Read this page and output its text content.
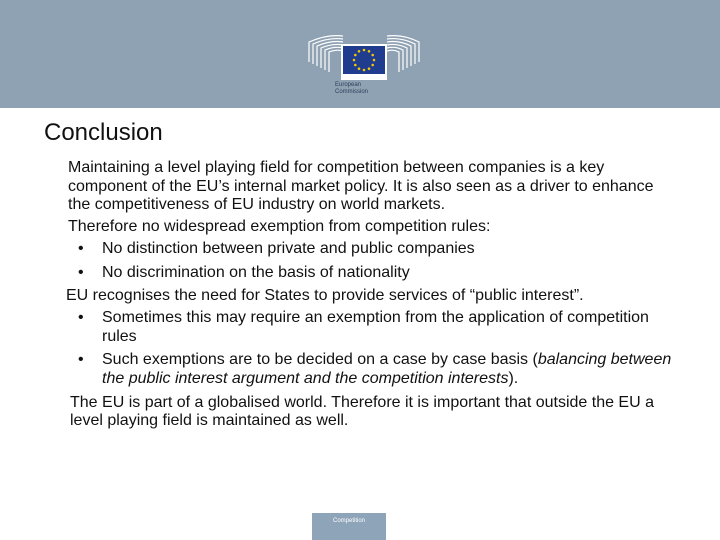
European
Commission
Conclusion

Maintaining a level playing field for competition between companies is a key component of the EU’s internal market policy. It is also seen as a driver to enhance the competitiveness of EU industry on world markets.

Therefore no widespread exemption from competition rules:

• No distinction between private and public companies
• No discrimination on the basis of nationality

EU recognises the need for States to provide services of “public interest”.

• Sometimes this may require an exemption from the application of competition rules
• Such exemptions are to be decided on a case by case basis (balancing between the public interest argument and the competition interests).

The EU is part of a globalised world. Therefore it is important that outside the EU a level playing field is maintained as well.

Competition
